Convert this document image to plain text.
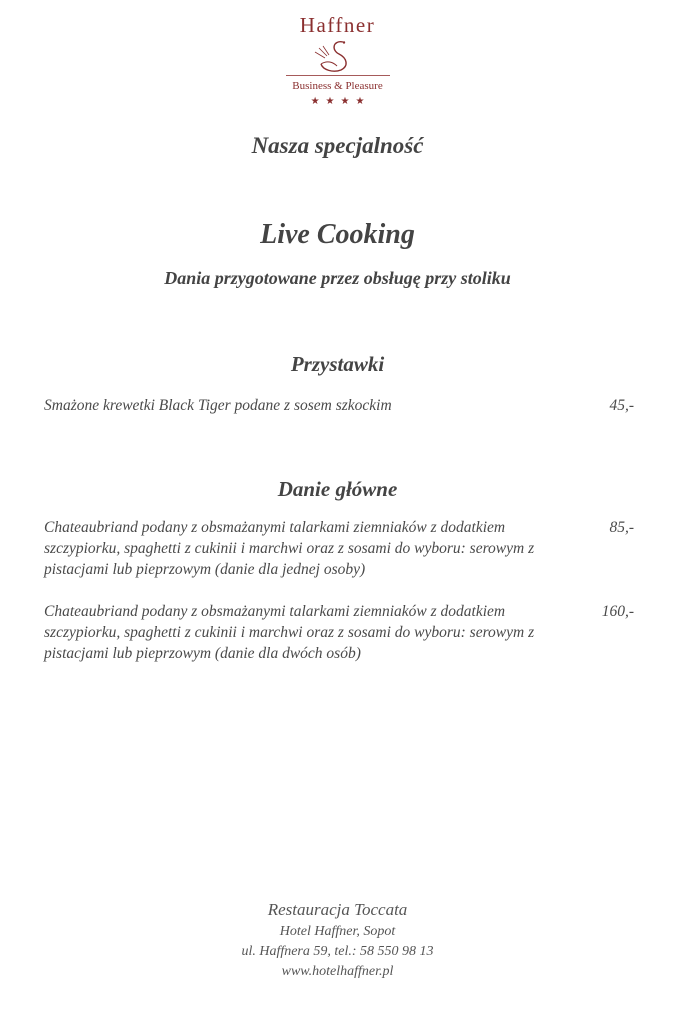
Haffner
Business & Pleasure
★★★★
Nasza specjalność
Live Cooking
Dania przygotowane przez obsługę przy stoliku
Przystawki
Smażone krewetki Black Tiger podane z sosem szkockim	45,-
Danie główne
Chateaubriand podany z obsmażanymi talarkami ziemniaków z dodatkiem szczypiorku, spaghetti z cukinii i marchwi oraz z sosami do wyboru: serowym z pistacjami lub pieprzowym (danie dla jednej osoby)
85,-
Chateaubriand podany z obsmażanymi talarkami ziemniaków z dodatkiem szczypiorku, spaghetti z cukinii i marchwi oraz z sosami do wyboru: serowym z pistacjami lub pieprzowym (danie dla dwóch osób)
160,-
Restauracja Toccata
Hotel Haffner, Sopot
ul. Haffnera 59, tel.: 58 550 98 13
www.hotelhaffner.pl
